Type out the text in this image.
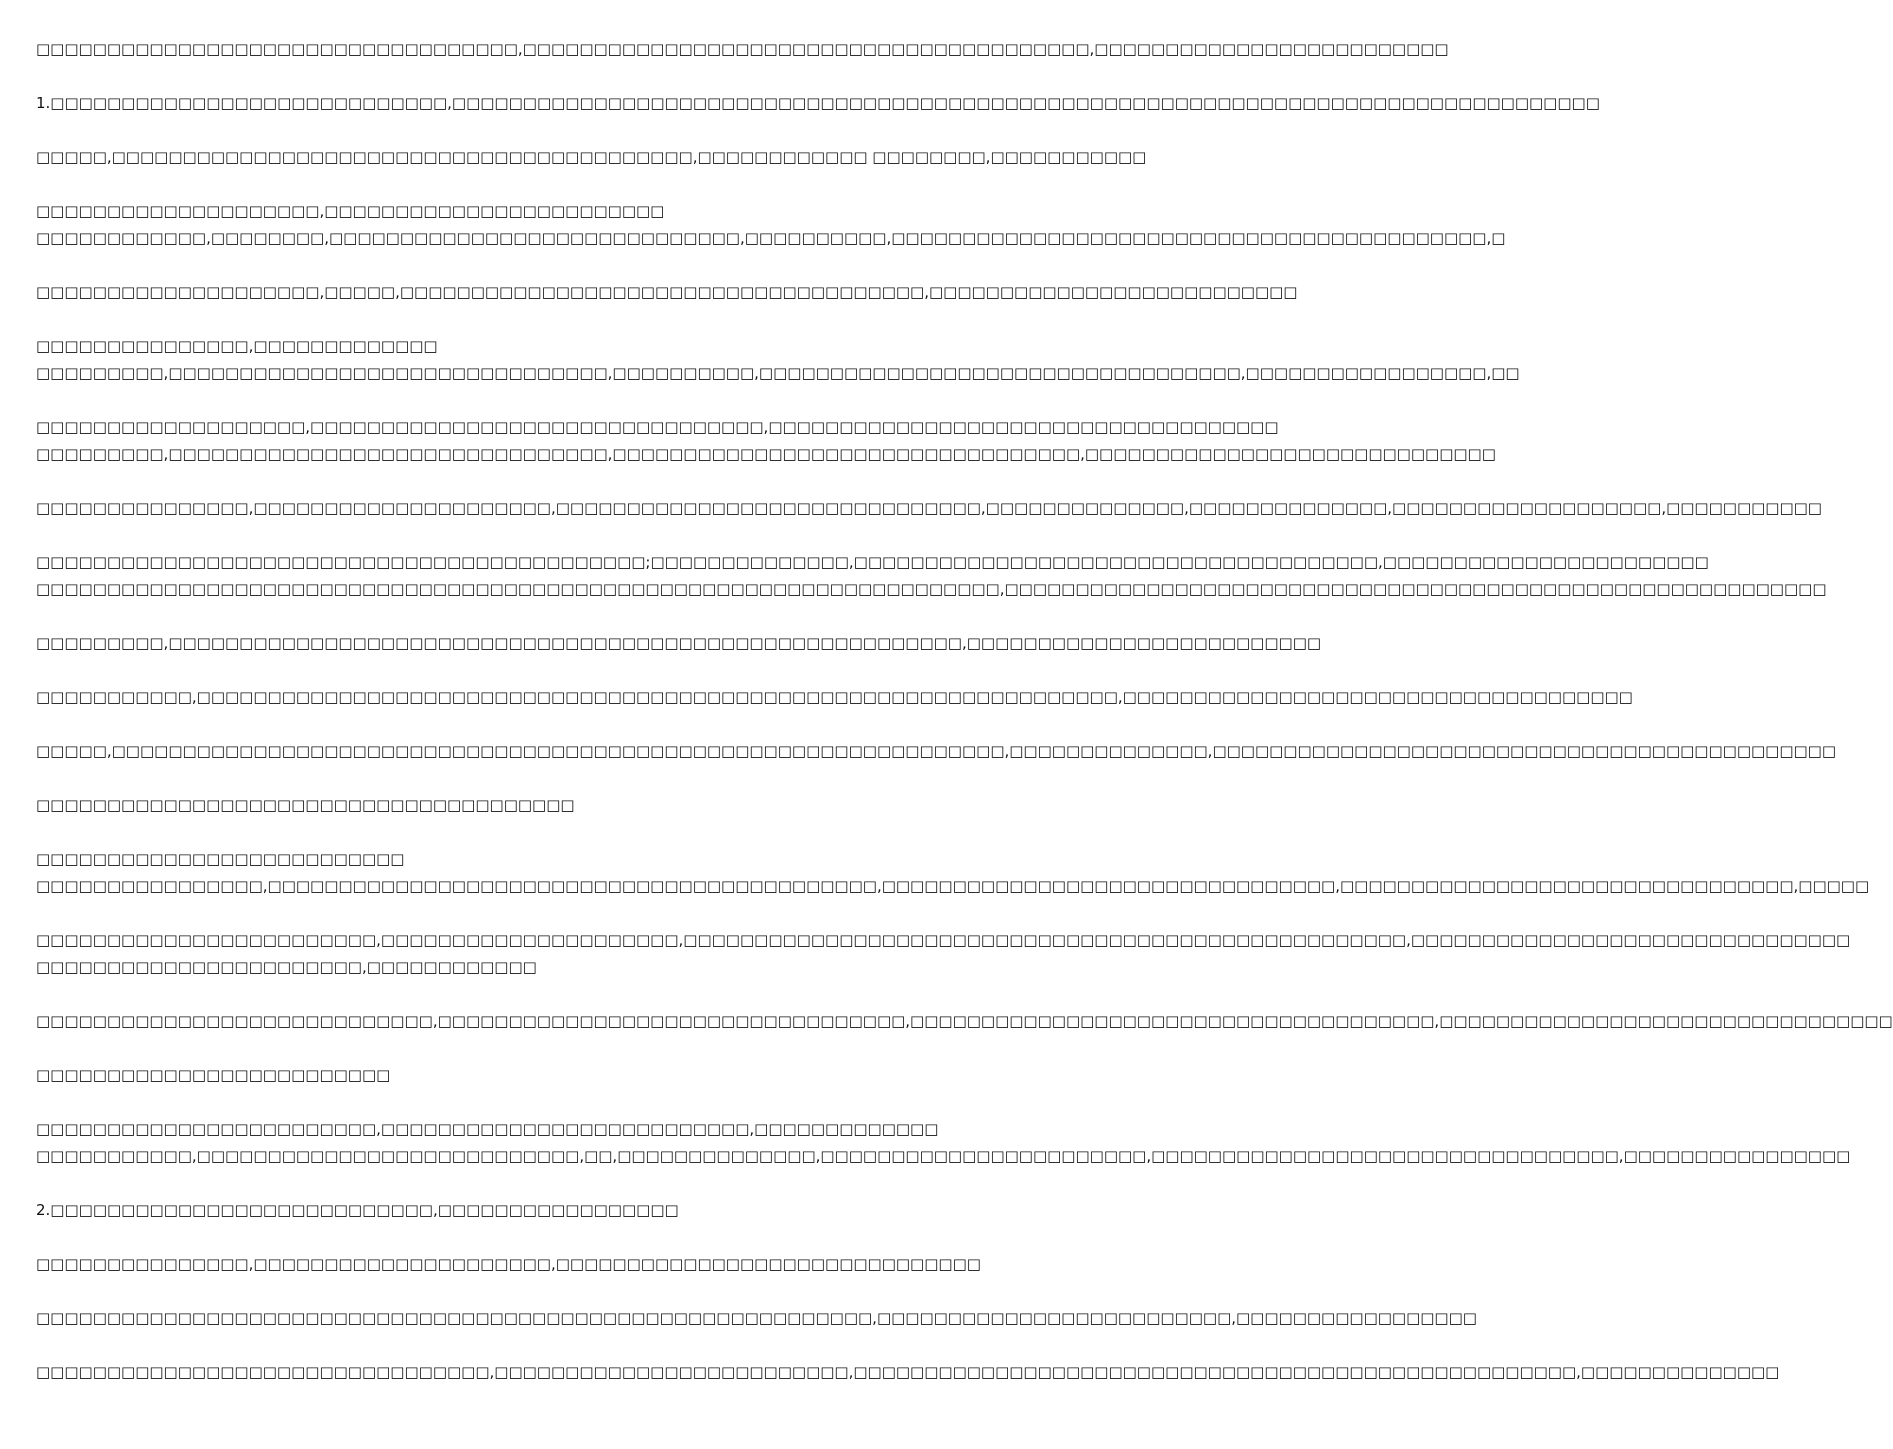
□□□□□□□□□□□□□□□□□□□□□□□□□□□□□□□□□□,□□□□□□□□□□□□□□□□□□□□□□□□□□□□□□□□□□□□□□□□,□□□□□□□□□□□□□□□□□□□□□□□□□

1.□□□□□□□□□□□□□□□□□□□□□□□□□□□□,□□□□□□□□□□□□□□□□□□□□□□□□□□□□□□□□□□□□□□□□□□□□□□□□□□□□□□□□□□□□□□□□□□□□□□□□□□□□□□□□□

□□□□□,□□□□□□□□□□□□□□□□□□□□□□□□□□□□□□□□□□□□□□□□□,□□□□□□□□□□□□ □□□□□□□□,□□□□□□□□□□□

□□□□□□□□□□□□□□□□□□□□,□□□□□□□□□□□□□□□□□□□□□□□□
□□□□□□□□□□□□,□□□□□□□□,□□□□□□□□□□□□□□□□□□□□□□□□□□□□□,□□□□□□□□□□,□□□□□□□□□□□□□□□□□□□□□□□□□□□□□□□□□□□□□□□□□□,□

□□□□□□□□□□□□□□□□□□□□,□□□□□,□□□□□□□□□□□□□□□□□□□□□□□□□□□□□□□□□□□□□,□□□□□□□□□□□□□□□□□□□□□□□□□□

□□□□□□□□□□□□□□□,□□□□□□□□□□□□□
□□□□□□□□□,□□□□□□□□□□□□□□□□□□□□□□□□□□□□□□□,□□□□□□□□□□,□□□□□□□□□□□□□□□□□□□□□□□□□□□□□□□□□□,□□□□□□□□□□□□□□□□□,□□

□□□□□□□□□□□□□□□□□□□,□□□□□□□□□□□□□□□□□□□□□□□□□□□□□□□□,□□□□□□□□□□□□□□□□□□□□□□□□□□□□□□□□□□□□
□□□□□□□□□,□□□□□□□□□□□□□□□□□□□□□□□□□□□□□□□,□□□□□□□□□□□□□□□□□□□□□□□□□□□□□□□□□,□□□□□□□□□□□□□□□□□□□□□□□□□□□□□

□□□□□□□□□□□□□□□,□□□□□□□□□□□□□□□□□□□□□,□□□□□□□□□□□□□□□□□□□□□□□□□□□□□□,□□□□□□□□□□□□□□,□□□□□□□□□□□□□□,□□□□□□□□□□□□□□□□□□□,□□□□□□□□□□□

□□□□□□□□□□□□□□□□□□□□□□□□□□□□□□□□□□□□□□□□□□□;□□□□□□□□□□□□□□,□□□□□□□□□□□□□□□□□□□□□□□□□□□□□□□□□□□□□,□□□□□□□□□□□□□□□□□□□□□□□
□□□□□□□□□□□□□□□□□□□□□□□□□□□□□□□□□□□□□□□□□□□□□□□□□□□□□□□□□□□□□□□□□□□□,□□□□□□□□□□□□□□□□□□□□□□□□□□□□□□□□□□□□□□□□□□□□□□□□□□□□□□□□□□

□□□□□□□□□,□□□□□□□□□□□□□□□□□□□□□□□□□□□□□□□□□□□□□□□□□□□□□□□□□□□□□□□□,□□□□□□□□□□□□□□□□□□□□□□□□□

□□□□□□□□□□□,□□□□□□□□□□□□□□□□□□□□□□□□□□□□□□□□□□□□□□□□□□□□□□□□□□□□□□□□□□□□□□□□□,□□□□□□□□□□□□□□□□□□□□□□□□□□□□□□□□□□□□

□□□□□,□□□□□□□□□□□□□□□□□□□□□□□□□□□□□□□□□□□□□□□□□□□□□□□□□□□□□□□□□□□□□□□,□□□□□□□□□□□□□□,□□□□□□□□□□□□□□□□□□□□□□□□□□□□□□□□□□□□□□□□□□□□

□□□□□□□□□□□□□□□□□□□□□□□□□□□□□□□□□□□□□□

□□□□□□□□□□□□□□□□□□□□□□□□□□
□□□□□□□□□□□□□□□□,□□□□□□□□□□□□□□□□□□□□□□□□□□□□□□□□□□□□□□□□□□□,□□□□□□□□□□□□□□□□□□□□□□□□□□□□□□□□,□□□□□□□□□□□□□□□□□□□□□□□□□□□□□□□□,□□□□□

□□□□□□□□□□□□□□□□□□□□□□□□,□□□□□□□□□□□□□□□□□□□□□,□□□□□□□□□□□□□□□□□□□□□□□□□□□□□□□□□□□□□□□□□□□□□□□□□□□,□□□□□□□□□□□□□□□□□□□□□□□□□□□□□□□
□□□□□□□□□□□□□□□□□□□□□□□,□□□□□□□□□□□□

□□□□□□□□□□□□□□□□□□□□□□□□□□□□,□□□□□□□□□□□□□□□□□□□□□□□□□□□□□□□□□,□□□□□□□□□□□□□□□□□□□□□□□□□□□□□□□□□□□□□,□□□□□□□□□□□□□□□□□□□□□□□□□□□□□□□□

□□□□□□□□□□□□□□□□□□□□□□□□□

□□□□□□□□□□□□□□□□□□□□□□□□,□□□□□□□□□□□□□□□□□□□□□□□□□□,□□□□□□□□□□□□□
□□□□□□□□□□□,□□□□□□□□□□□□□□□□□□□□□□□□□□□,□□,□□□□□□□□□□□□□□,□□□□□□□□□□□□□□□□□□□□□□□,□□□□□□□□□□□□□□□□□□□□□□□□□□□□□□□□□,□□□□□□□□□□□□□□□□

2.□□□□□□□□□□□□□□□□□□□□□□□□□□□,□□□□□□□□□□□□□□□□□

□□□□□□□□□□□□□□□,□□□□□□□□□□□□□□□□□□□□□,□□□□□□□□□□□□□□□□□□□□□□□□□□□□□□

□□□□□□□□□□□□□□□□□□□□□□□□□□□□□□□□□□□□□□□□□□□□□□□□□□□□□□□□□□□,□□□□□□□□□□□□□□□□□□□□□□□□□,□□□□□□□□□□□□□□□□□

□□□□□□□□□□□□□□□□□□□□□□□□□□□□□□□□,□□□□□□□□□□□□□□□□□□□□□□□□□,□□□□□□□□□□□□□□□□□□□□□□□□□□□□□□□□□□□□□□□□□□□□□□□□□□□,□□□□□□□□□□□□□□
